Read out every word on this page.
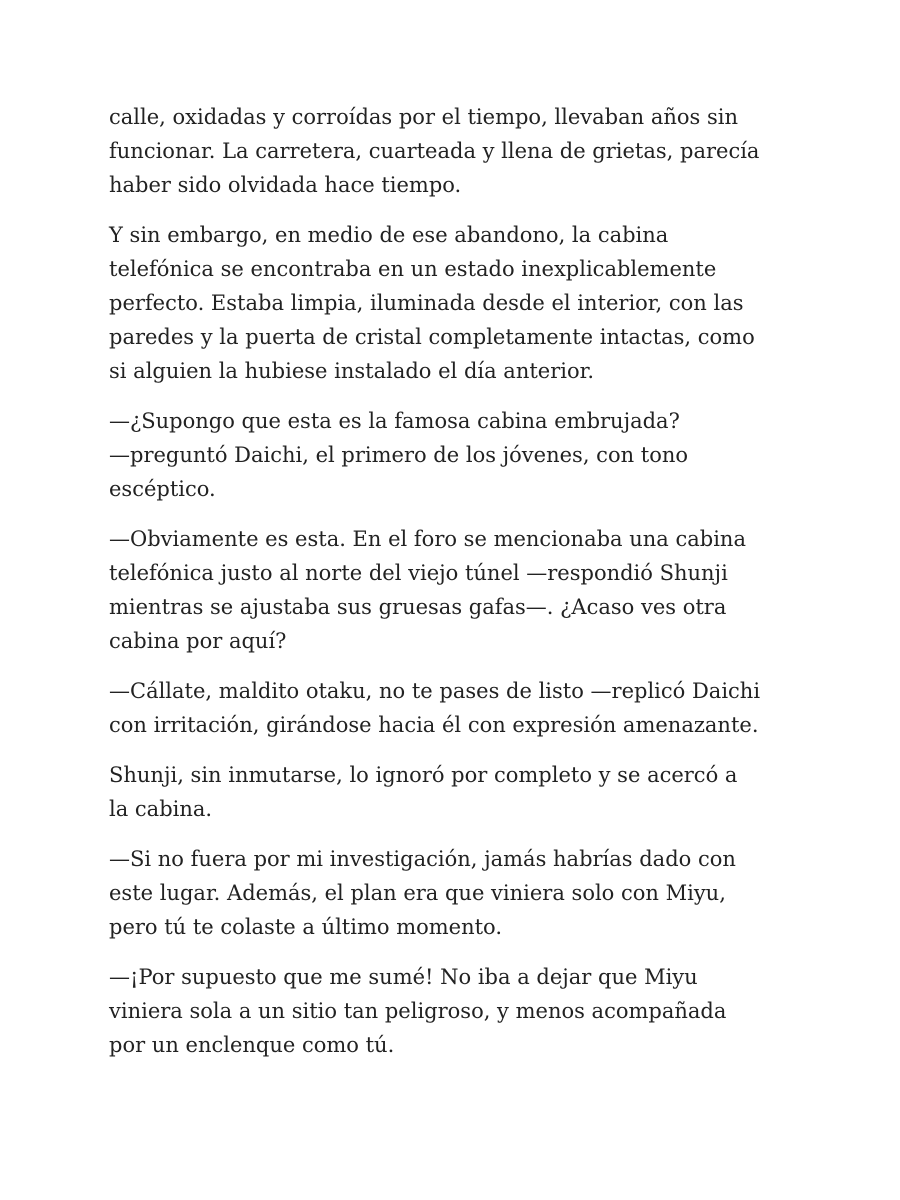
calle, oxidadas y corroídas por el tiempo, llevaban años sin
funcionar. La carretera, cuarteada y llena de grietas, parecía
haber sido olvidada hace tiempo.

Y sin embargo, en medio de ese abandono, la cabina
telefónica se encontraba en un estado inexplicablemente
perfecto. Estaba limpia, iluminada desde el interior, con las
paredes y la puerta de cristal completamente intactas, como
si alguien la hubiese instalado el día anterior.

—¿Supongo que esta es la famosa cabina embrujada?
—preguntó Daichi, el primero de los jóvenes, con tono
escéptico.

—Obviamente es esta. En el foro se mencionaba una cabina
telefónica justo al norte del viejo túnel —respondió Shunji
mientras se ajustaba sus gruesas gafas—. ¿Acaso ves otra
cabina por aquí?

—Cállate, maldito otaku, no te pases de listo —replicó Daichi
con irritación, girándose hacia él con expresión amenazante.

Shunji, sin inmutarse, lo ignoró por completo y se acercó a
la cabina.

—Si no fuera por mi investigación, jamás habrías dado con
este lugar. Además, el plan era que viniera solo con Miyu,
pero tú te colaste a último momento.

—¡Por supuesto que me sumé! No iba a dejar que Miyu
viniera sola a un sitio tan peligroso, y menos acompañada
por un enclenque como tú.
